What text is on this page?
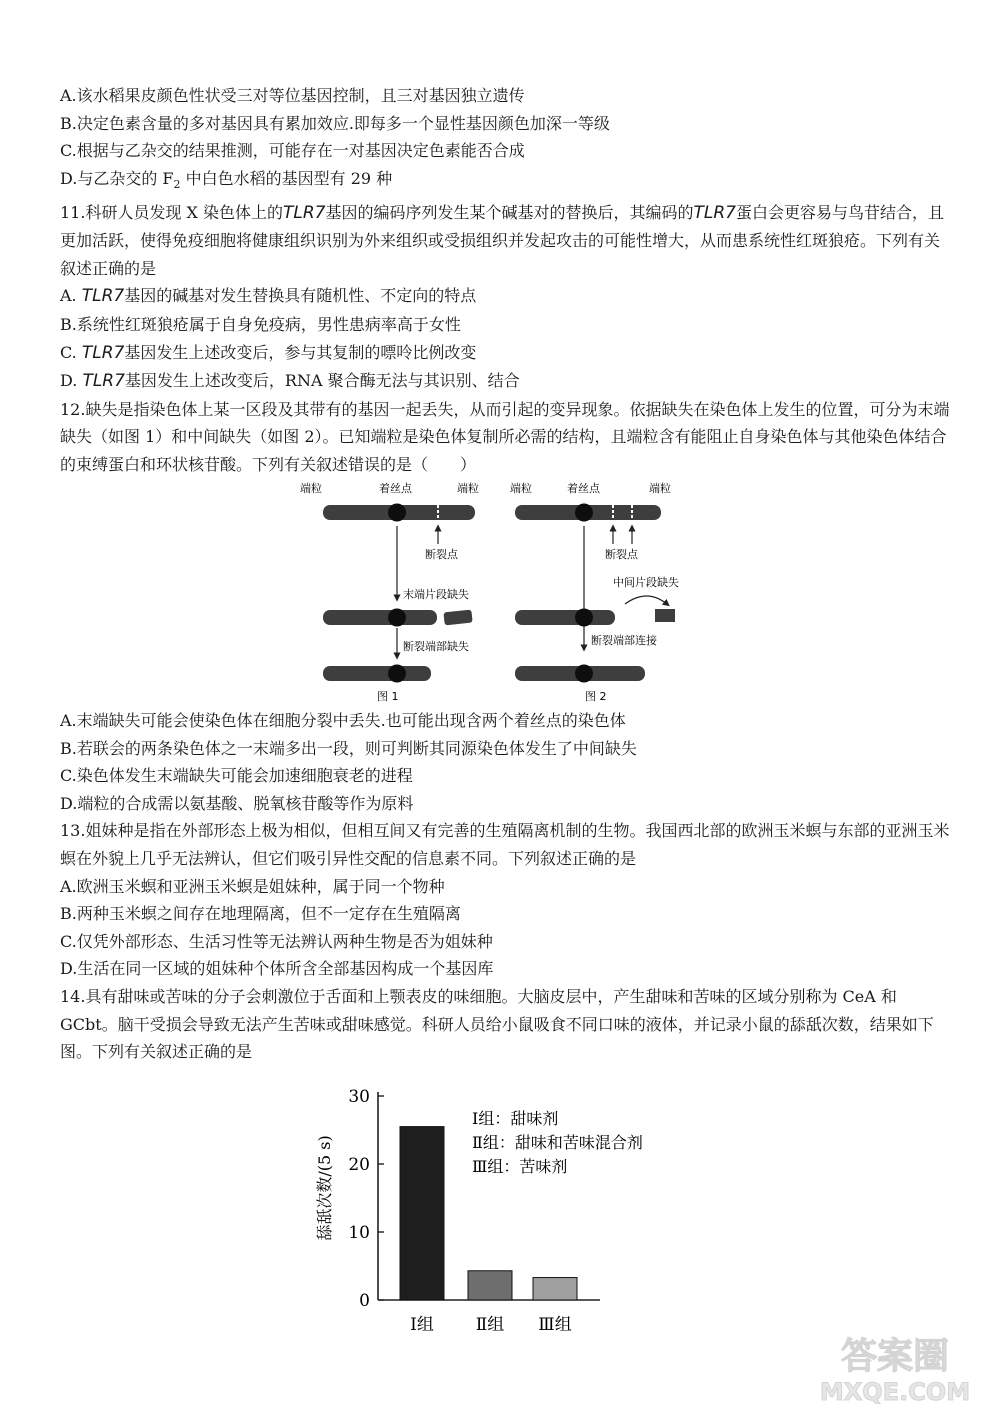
A.该水稻果皮颜色性状受三对等位基因控制，且三对基因独立遗传
B.决定色素含量的多对基因具有累加效应.即每多一个显性基因颜色加深一等级
C.根据与乙杂交的结果推测，可能存在一对基因决定色素能否合成
D.与乙杂交的 $F_2$ 中白色水稻的基因型有 29 种
11.科研人员发现 X 染色体上的TLR7基因的编码序列发生某个碱基对的替换后，其编码的TLR7蛋白会更容易与鸟苷结合，且更加活跃，使得免疫细胞将健康组织识别为外来组织或受损组织并发起攻击的可能性增大，从而患系统性红斑狼疮。下列有关叙述正确的是
A. TLR7基因的碱基对发生替换具有随机性、不定向的特点
B.系统性红斑狼疮属于自身免疫病，男性患病率高于女性
C. TLR7基因发生上述改变后，参与其复制的嘌呤比例改变
D. TLR7基因发生上述改变后，RNA 聚合酶无法与其识别、结合
12.缺失是指染色体上某一区段及其带有的基因一起丢失，从而引起的变异现象。依据缺失在染色体上发生的位置，可分为末端缺失（如图 1）和中间缺失（如图 2）。已知端粒是染色体复制所必需的结构，且端粒含有能阻止自身染色体与其他染色体结合的束缚蛋白和环状核苷酸。下列有关叙述错误的是（　　）
端粒	着丝点	端粒
断裂点
末端片段缺失
断裂端部缺失
图 1
端粒	着丝点	端粒
断裂点
中间片段缺失
断裂端部连接
图 2
A.末端缺失可能会使染色体在细胞分裂中丢失.也可能出现含两个着丝点的染色体
B.若联会的两条染色体之一末端多出一段，则可判断其同源染色体发生了中间缺失
C.染色体发生末端缺失可能会加速细胞衰老的进程
D.端粒的合成需以氨基酸、脱氧核苷酸等作为原料
13.姐妹种是指在外部形态上极为相似，但相互间又有完善的生殖隔离机制的生物。我国西北部的欧洲玉米螟与东部的亚洲玉米螟在外貌上几乎无法辨认，但它们吸引异性交配的信息素不同。下列叙述正确的是
A.欧洲玉米螟和亚洲玉米螟是姐妹种，属于同一个物种
B.两种玉米螟之间存在地理隔离，但不一定存在生殖隔离
C.仅凭外部形态、生活习性等无法辨认两种生物是否为姐妹种
D.生活在同一区域的姐妹种个体所含全部基因构成一个基因库
14.具有甜味或苦味的分子会刺激位于舌面和上颚表皮的味细胞。大脑皮层中，产生甜味和苦味的区域分别称为 CeA 和 GCbt。脑干受损会导致无法产生苦味或甜味感觉。科研人员给小鼠吸食不同口味的液体，并记录小鼠的舔舐次数，结果如下图。下列有关叙述正确的是
舔舐次数/(5 s)
0
10
20
30
Ⅰ组 Ⅱ组 Ⅲ组
Ⅰ组：甜味剂
Ⅱ组：甜味和苦味混合剂
Ⅲ组：苦味剂
答案圈
MXQE.COM
